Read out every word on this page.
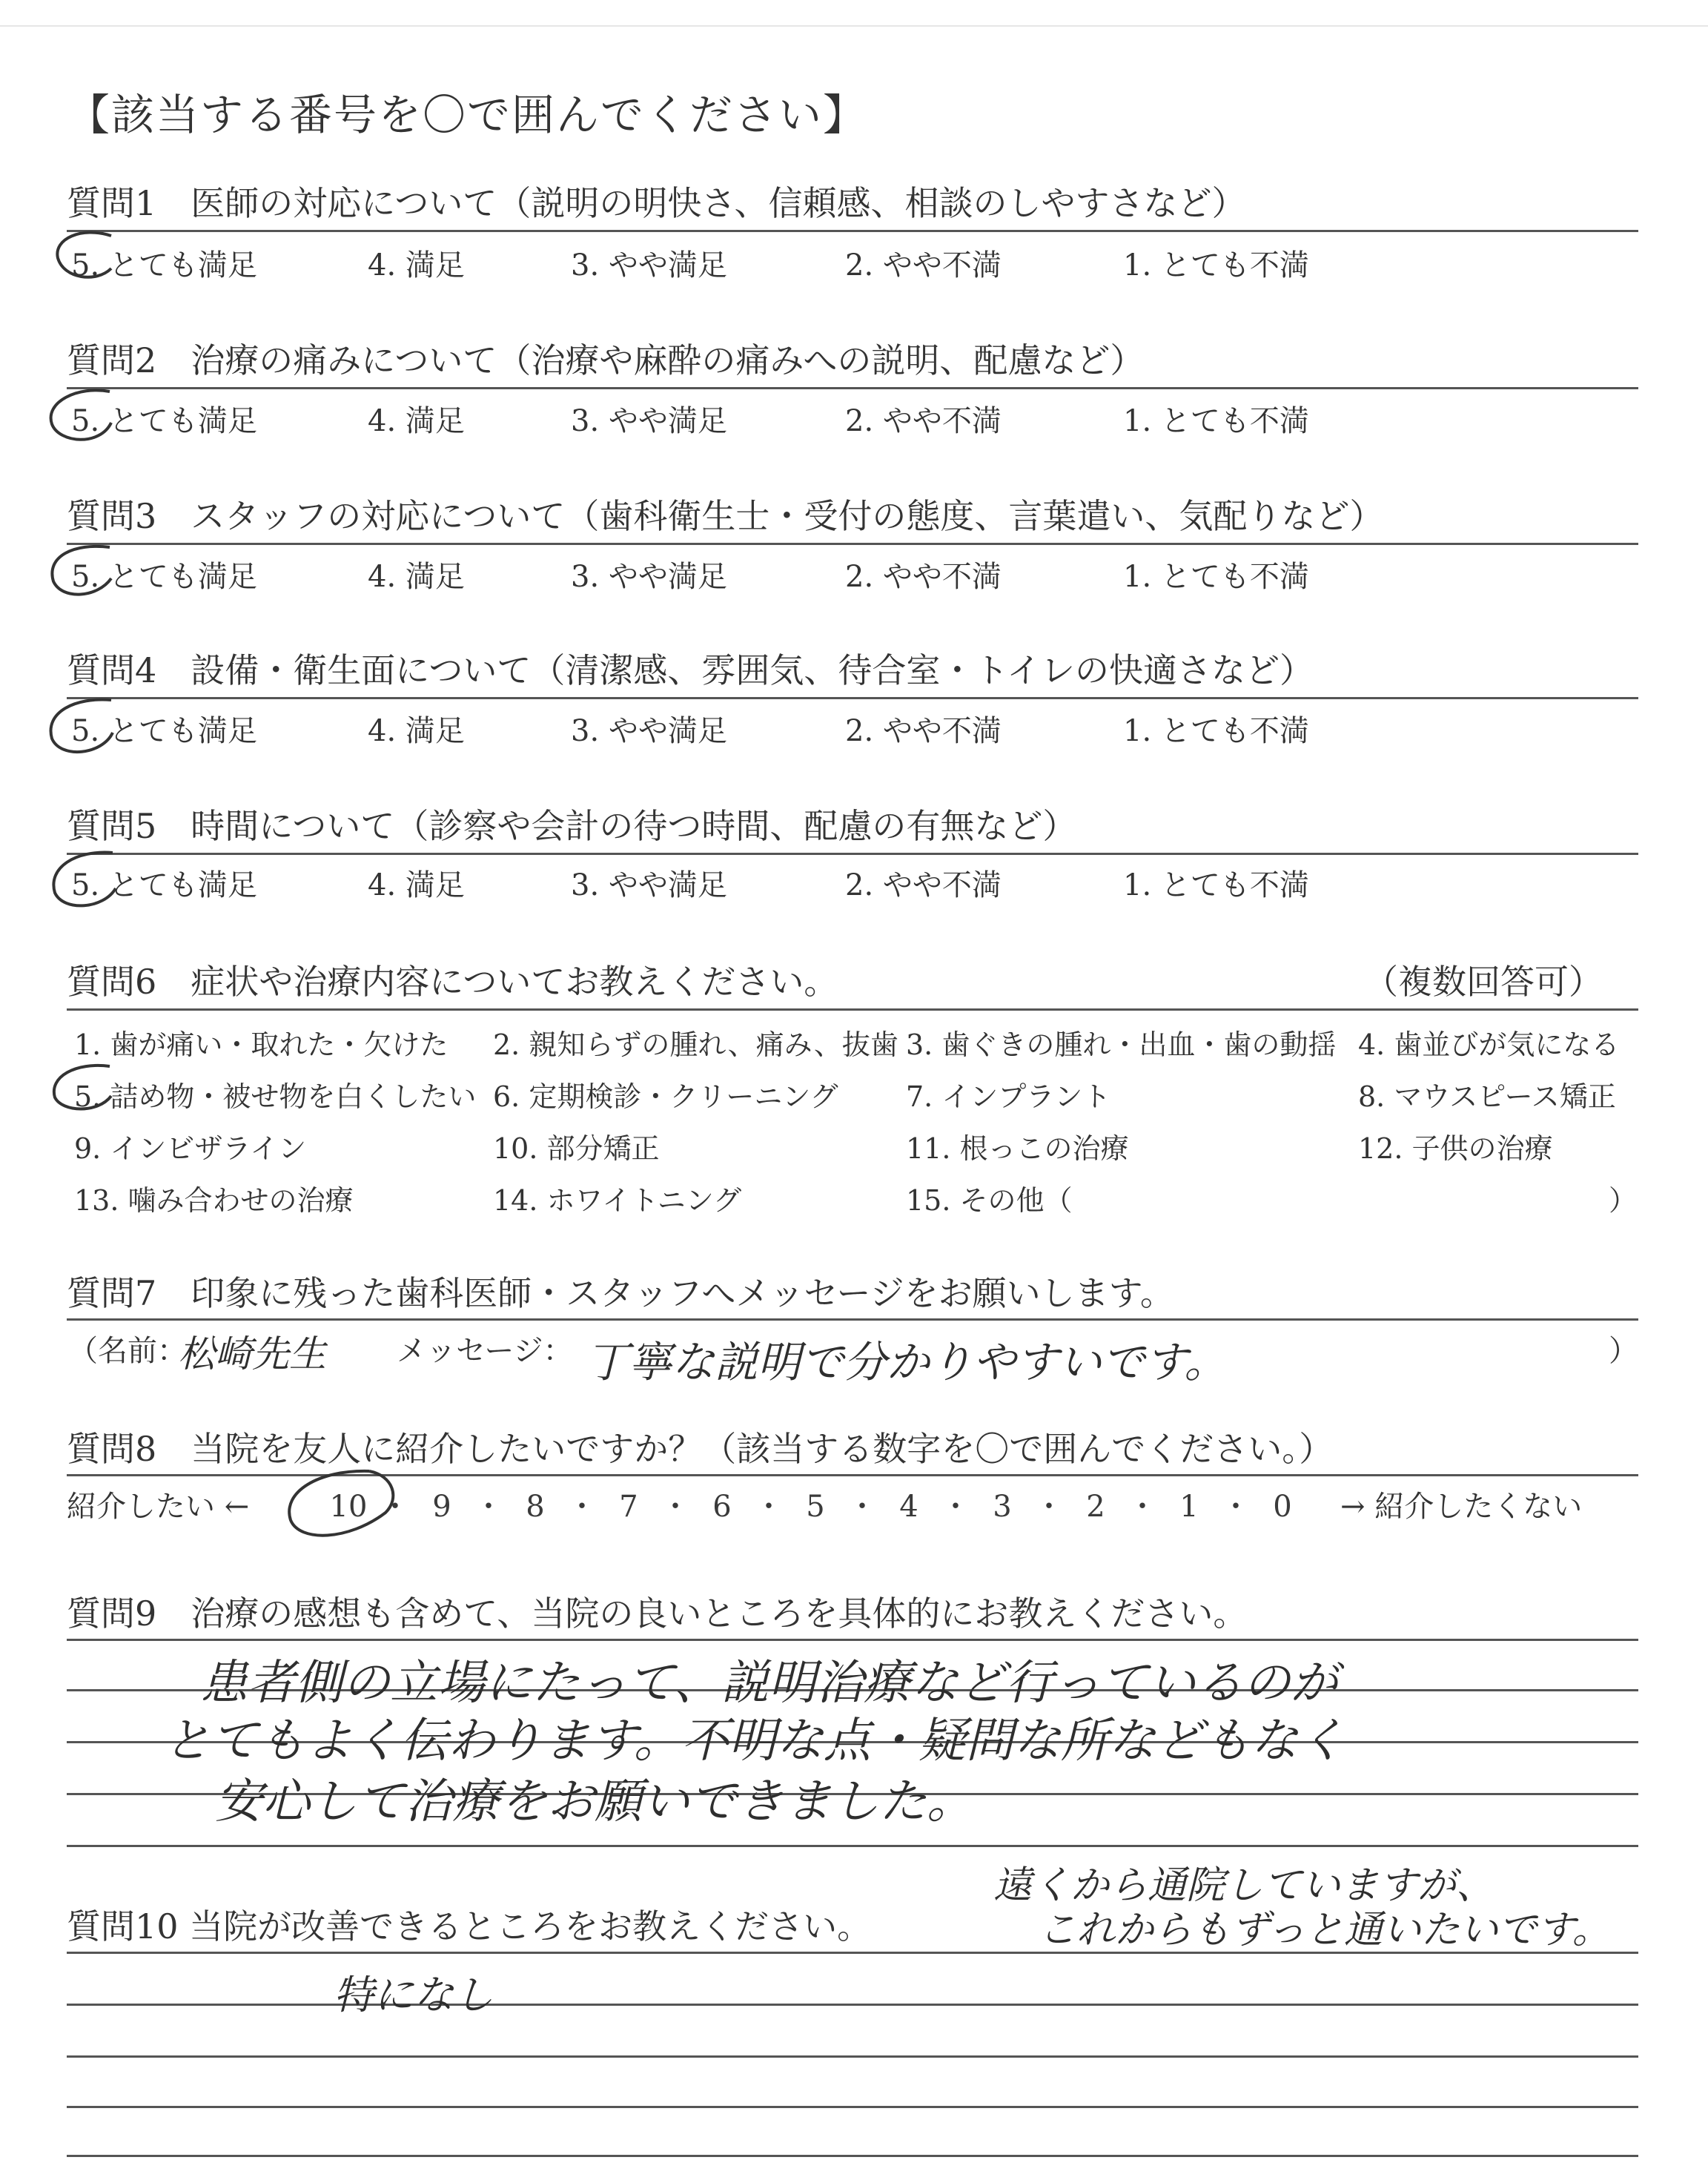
【該当する番号を〇で囲んでください】
質問1　医師の対応について（説明の明快さ、信頼感、相談のしやすさなど）
5. とても満足	4. 満足	3. やや満足	2. やや不満	1. とても不満
質問2　治療の痛みについて（治療や麻酔の痛みへの説明、配慮など）
5. とても満足	4. 満足	3. やや満足	2. やや不満	1. とても不満
質問3　スタッフの対応について（歯科衛生士・受付の態度、言葉遣い、気配りなど）
5. とても満足	4. 満足	3. やや満足	2. やや不満	1. とても不満
質問4　設備・衛生面について（清潔感、雰囲気、待合室・トイレの快適さなど）
5. とても満足	4. 満足	3. やや満足	2. やや不満	1. とても不満
質問5　時間について（診察や会計の待つ時間、配慮の有無など）
5. とても満足	4. 満足	3. やや満足	2. やや不満	1. とても不満
質問6　症状や治療内容についてお教えください。	（複数回答可）
1. 歯が痛い・取れた・欠けた 2. 親知らずの腫れ、痛み、抜歯 3. 歯ぐきの腫れ・出血・歯の動揺 4. 歯並びが気になる
5. 詰め物・被せ物を白くしたい 6. 定期検診・クリーニング 7. インプラント	8. マウスピース矯正
9. インビザライン	10. 部分矯正	11. 根っこの治療	12. 子供の治療
13. 噛み合わせの治療	14. ホワイトニング	15. その他（	）
質問7　印象に残った歯科医師・スタッフへメッセージをお願いします。
（名前：
松崎先生 メッセージ： 丁寧な説明で分かりやすいです。	）
質問8　当院を友人に紹介したいですか？（該当する数字を〇で囲んでください。）
紹介したい ←	10 ・ 9 ・ 8 ・ 7 ・ 6 ・ 5 ・ 4 ・ 3 ・ 2 ・ 1 ・ 0	→ 紹介したくない
質問9　治療の感想も含めて、当院の良いところを具体的にお教えください。
患者側の立場にたって、説明治療など行っているのが
とてもよく伝わります。不明な点・疑問な所などもなく
安心して治療をお願いできました。
遠くから通院していますが、
これからもずっと通いたいです。
質問10 当院が改善できるところをお教えください。
特になし
